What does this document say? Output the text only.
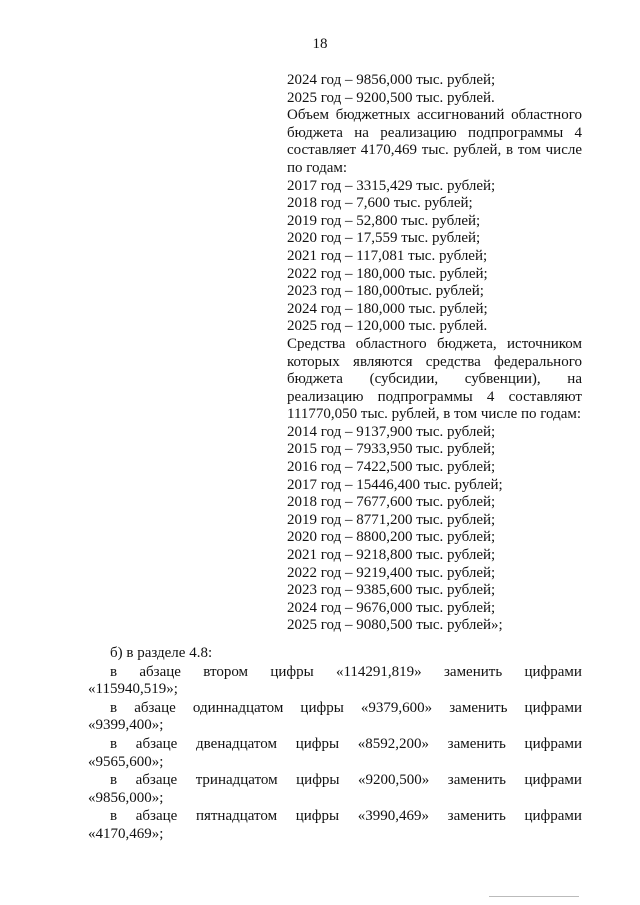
18
2024 год – 9856,000 тыс. рублей;
2025 год – 9200,500 тыс. рублей.
Объем бюджетных ассигнований областного бюджета на реализацию подпрограммы 4 составляет 4170,469 тыс. рублей, в том числе по годам:
2017 год – 3315,429 тыс. рублей;
2018 год – 7,600 тыс. рублей;
2019 год – 52,800 тыс. рублей;
2020 год – 17,559 тыс. рублей;
2021 год – 117,081 тыс. рублей;
2022 год – 180,000 тыс. рублей;
2023 год – 180,000тыс. рублей;
2024 год – 180,000 тыс. рублей;
2025 год – 120,000 тыс. рублей.
Средства областного бюджета, источником которых являются средства федерального бюджета (субсидии, субвенции), на реализацию подпрограммы 4 составляют 111770,050 тыс. рублей, в том числе по годам:
2014 год – 9137,900 тыс. рублей;
2015 год – 7933,950 тыс. рублей;
2016 год – 7422,500 тыс. рублей;
2017 год – 15446,400 тыс. рублей;
2018 год – 7677,600 тыс. рублей;
2019 год – 8771,200 тыс. рублей;
2020 год – 8800,200 тыс. рублей;
2021 год – 9218,800 тыс. рублей;
2022 год – 9219,400 тыс. рублей;
2023 год – 9385,600 тыс. рублей;
2024 год – 9676,000 тыс. рублей;
2025 год – 9080,500 тыс. рублей»;
б) в разделе 4.8:
в абзаце втором цифры «114291,819» заменить цифрами
«115940,519»;
в абзаце одиннадцатом цифры «9379,600» заменить цифрами
«9399,400»;
в абзаце двенадцатом цифры «8592,200» заменить цифрами
«9565,600»;
в абзаце тринадцатом цифры «9200,500» заменить цифрами
«9856,000»;
в абзаце пятнадцатом цифры «3990,469» заменить цифрами
«4170,469»;
